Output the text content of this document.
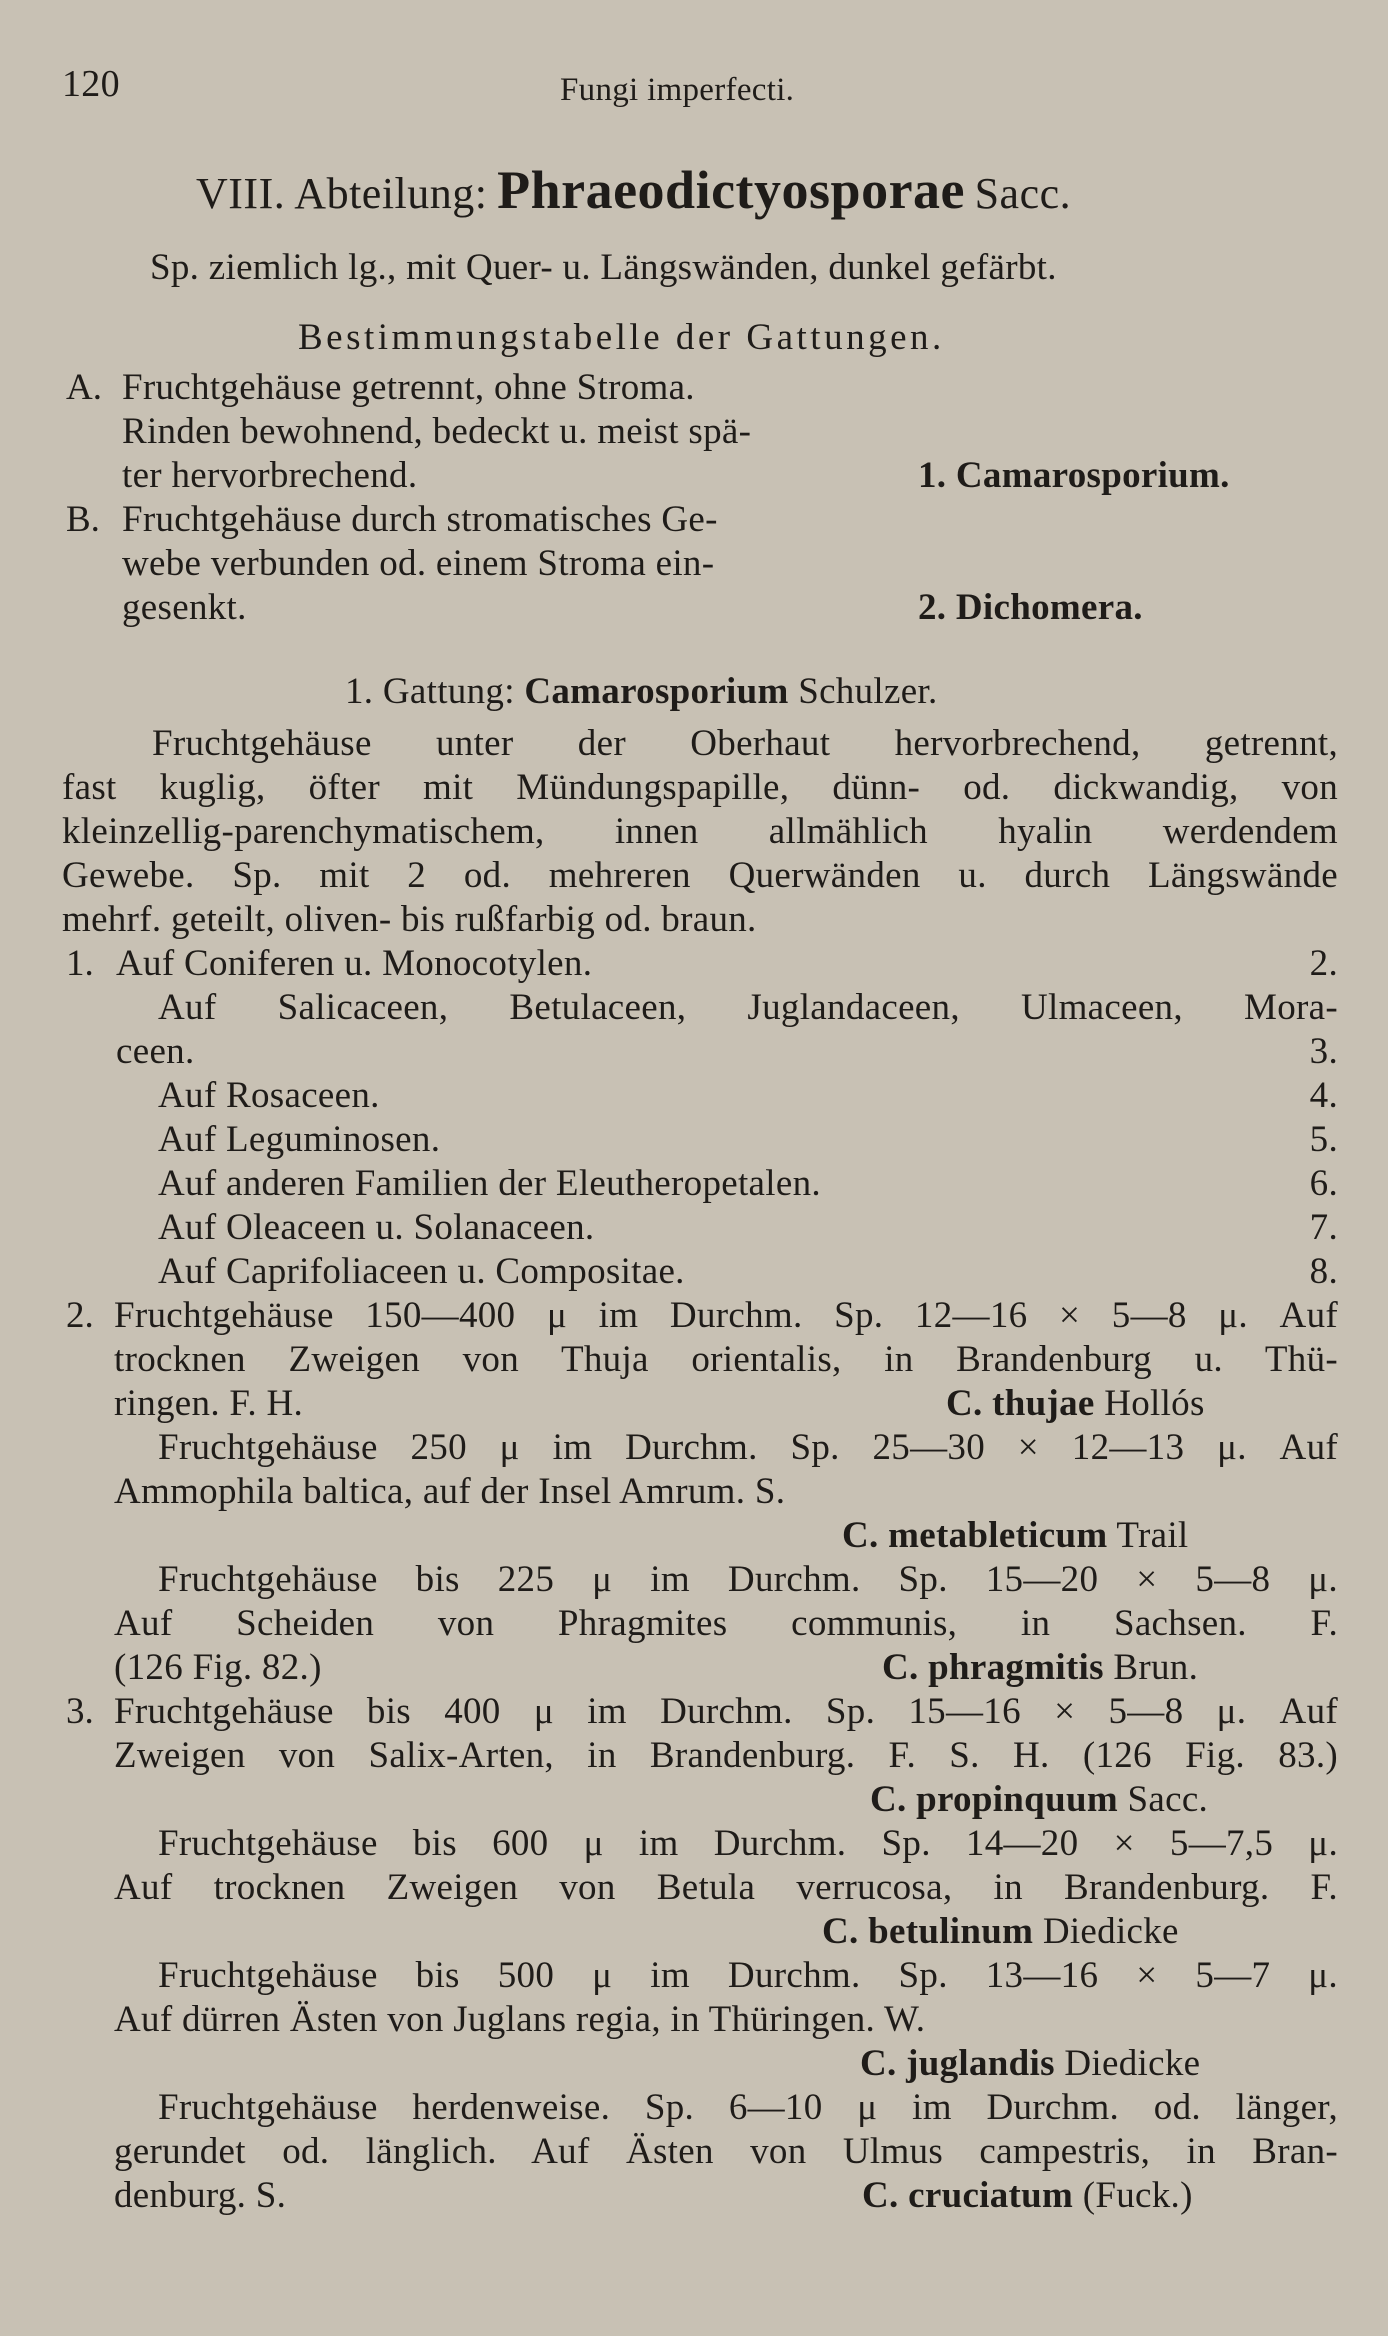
120	Fungi imperfecti.
VIII. Abteilung: Phraeodictyosporae Sacc.
Sp. ziemlich lg., mit Quer- u. Längswänden, dunkel gefärbt.
Bestimmungstabelle der Gattungen.
A. Fruchtgehäuse getrennt, ohne Stroma.
Rinden bewohnend, bedeckt u. meist spä-
ter hervorbrechend.	1. Camarosporium.
B. Fruchtgehäuse durch stromatisches Ge-
webe verbunden od. einem Stroma ein-
gesenkt.	2. Dichomera.
1. Gattung: Camarosporium Schulzer.
Fruchtgehäuse unter der Oberhaut hervorbrechend, getrennt,
fast kuglig, öfter mit Mündungspapille, dünn- od. dickwandig, von
kleinzellig-parenchymatischem, innen allmählich hyalin werdendem
Gewebe. Sp. mit 2 od. mehreren Querwänden u. durch Längswände
mehrf. geteilt, oliven- bis rußfarbig od. braun.
1. Auf Coniferen u. Monocotylen.	2.
Auf Salicaceen, Betulaceen, Juglandaceen, Ulmaceen, Mora-
ceen.	3.
Auf Rosaceen.	4.
Auf Leguminosen.	5.
Auf anderen Familien der Eleutheropetalen.	6.
Auf Oleaceen u. Solanaceen.	7.
Auf Caprifoliaceen u. Compositae.	8.
2. Fruchtgehäuse 150—400 μ im Durchm. Sp. 12—16 × 5—8 μ. Auf
trocknen Zweigen von Thuja orientalis, in Brandenburg u. Thü-
ringen. F. H.	C. thujae Hollós
Fruchtgehäuse 250 μ im Durchm. Sp. 25—30 × 12—13 μ. Auf
Ammophila baltica, auf der Insel Amrum. S.
C. metableticum Trail
Fruchtgehäuse bis 225 μ im Durchm. Sp. 15—20 × 5—8 μ.
Auf Scheiden von Phragmites communis, in Sachsen. F.
(126 Fig. 82.)	C. phragmitis Brun.
3. Fruchtgehäuse bis 400 μ im Durchm. Sp. 15—16 × 5—8 μ. Auf
Zweigen von Salix-Arten, in Brandenburg. F. S. H. (126 Fig. 83.)
C. propinquum Sacc.
Fruchtgehäuse bis 600 μ im Durchm. Sp. 14—20 × 5—7,5 μ.
Auf trocknen Zweigen von Betula verrucosa, in Brandenburg. F.
C. betulinum Diedicke
Fruchtgehäuse bis 500 μ im Durchm. Sp. 13—16 × 5—7 μ.
Auf dürren Ästen von Juglans regia, in Thüringen. W.
C. juglandis Diedicke
Fruchtgehäuse herdenweise. Sp. 6—10 μ im Durchm. od. länger,
gerundet od. länglich. Auf Ästen von Ulmus campestris, in Bran-
denburg. S.	C. cruciatum (Fuck.)
